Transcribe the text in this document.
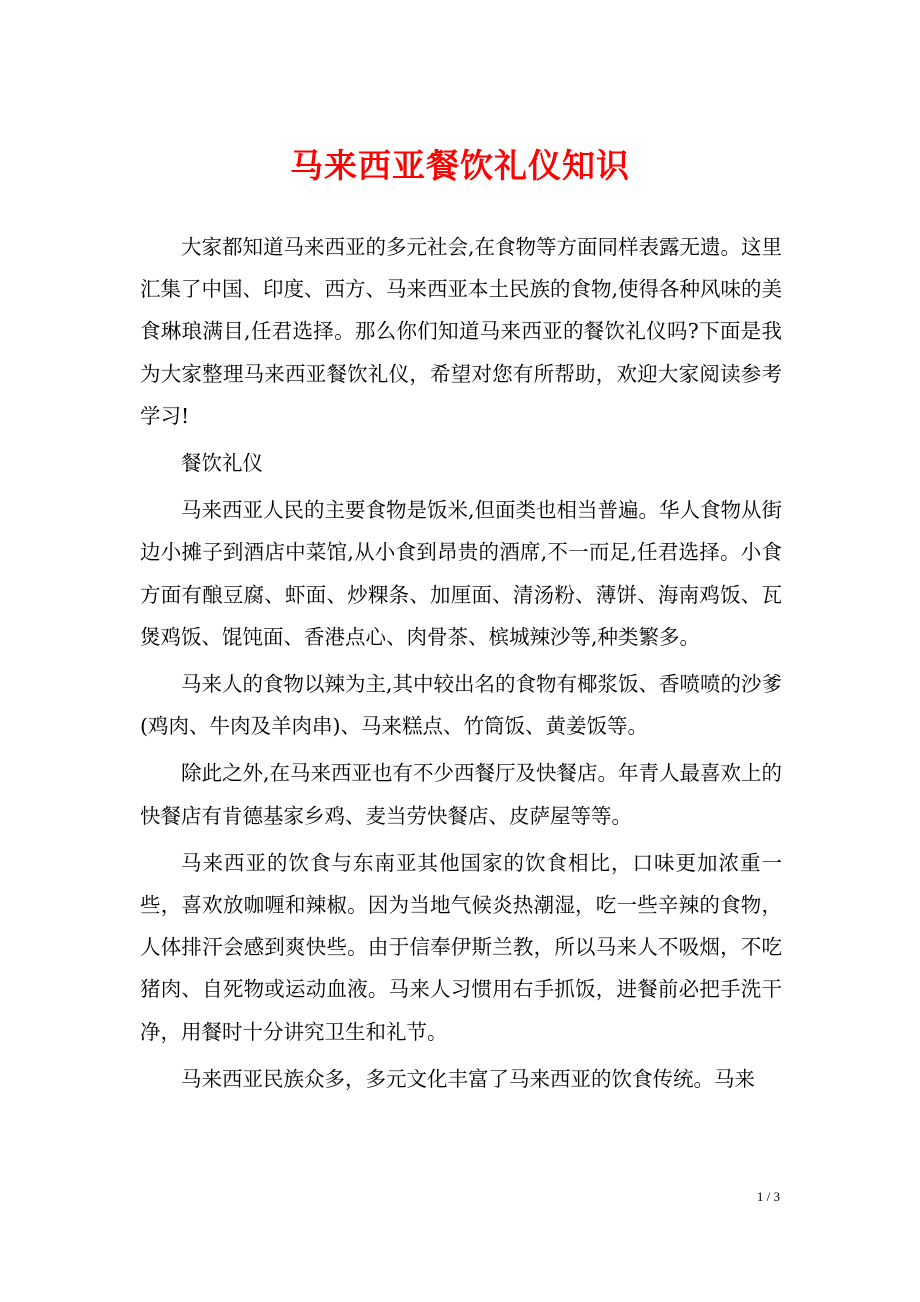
马来西亚餐饮礼仪知识

大家都知道马来西亚的多元社会,在食物等方面同样表露无遗。这里汇集了中国、印度、西方、马来西亚本土民族的食物,使得各种风味的美食琳琅满目,任君选择。那么你们知道马来西亚的餐饮礼仪吗?下面是我为大家整理马来西亚餐饮礼仪，希望对您有所帮助，欢迎大家阅读参考学习!

餐饮礼仪

马来西亚人民的主要食物是饭米,但面类也相当普遍。华人食物从街边小摊子到酒店中菜馆,从小食到昂贵的酒席,不一而足,任君选择。小食方面有酿豆腐、虾面、炒粿条、加厘面、清汤粉、薄饼、海南鸡饭、瓦煲鸡饭、馄饨面、香港点心、肉骨茶、槟城辣沙等,种类繁多。

马来人的食物以辣为主,其中较出名的食物有椰浆饭、香喷喷的沙爹(鸡肉、牛肉及羊肉串)、马来糕点、竹筒饭、黄姜饭等。

除此之外,在马来西亚也有不少西餐厅及快餐店。年青人最喜欢上的快餐店有肯德基家乡鸡、麦当劳快餐店、皮萨屋等等。

马来西亚的饮食与东南亚其他国家的饮食相比，口味更加浓重一些，喜欢放咖喱和辣椒。因为当地气候炎热潮湿，吃一些辛辣的食物，人体排汗会感到爽快些。由于信奉伊斯兰教，所以马来人不吸烟，不吃猪肉、自死物或运动血液。马来人习惯用右手抓饭，进餐前必把手洗干净，用餐时十分讲究卫生和礼节。

马来西亚民族众多，多元文化丰富了马来西亚的饮食传统。马来

1 / 3
